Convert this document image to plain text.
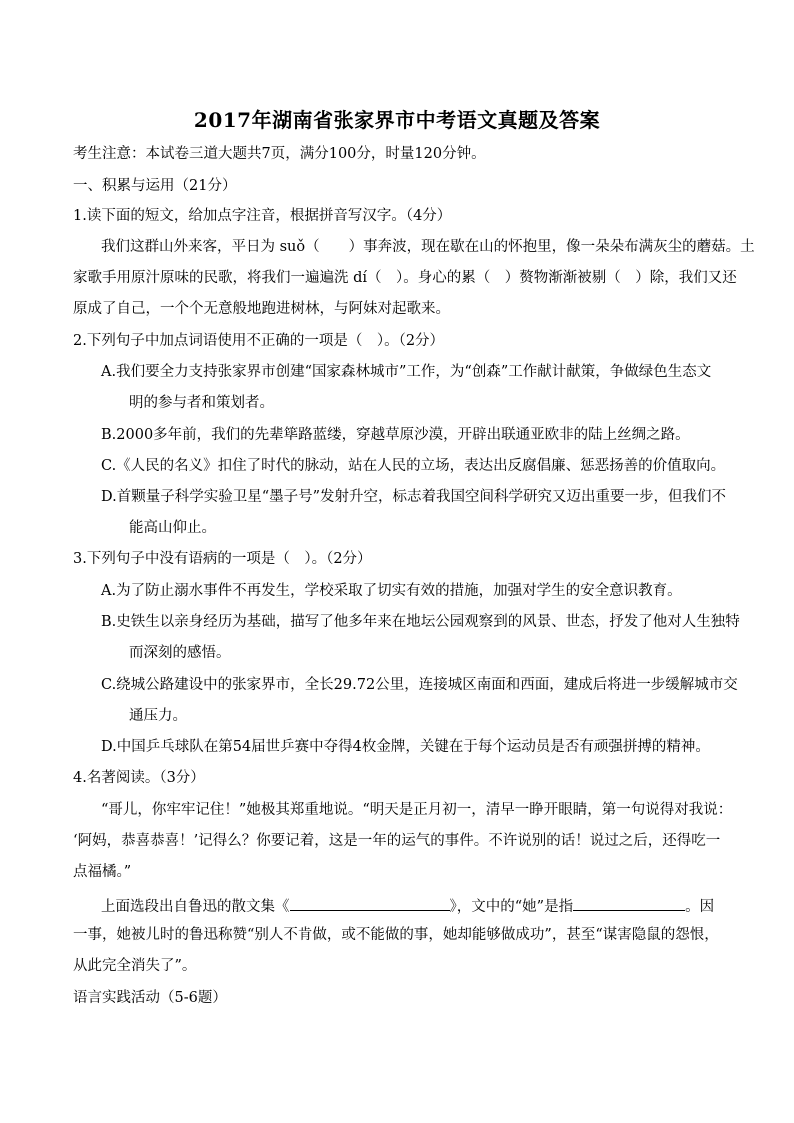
2017年湖南省张家界市中考语文真题及答案
考生注意：本试卷三道大题共7页，满分100分，时量120分钟。
一、积累与运用（21分）
1.读下面的短文，给加点字注音，根据拼音写汉字。（4分）
我们这群山外来客，平日为 suǒ（　　）事奔波，现在歇在山的怀抱里，像一朵朵布满灰尘的蘑菇。土
家歌手用原汁原味的民歌，将我们一遍遍洗 dí（　）。身心的累（　）赘物渐渐被剔（　）除，我们又还
原成了自己，一个个无意般地跑进树林，与阿妹对起歌来。
2.下列句子中加点词语使用不正确的一项是（　）。（2分）
A.我们要全力支持张家界市创建“国家森林城市”工作，为“创森”工作献计献策，争做绿色生态文
明的参与者和策划者。
B.2000多年前，我们的先辈筚路蓝缕，穿越草原沙漠，开辟出联通亚欧非的陆上丝绸之路。
C.《人民的名义》扣住了时代的脉动，站在人民的立场，表达出反腐倡廉、惩恶扬善的价值取向。
D.首颗量子科学实验卫星“墨子号”发射升空，标志着我国空间科学研究又迈出重要一步，但我们不
能高山仰止。
3.下列句子中没有语病的一项是（　）。（2分）
A.为了防止溺水事件不再发生，学校采取了切实有效的措施，加强对学生的安全意识教育。
B.史铁生以亲身经历为基础，描写了他多年来在地坛公园观察到的风景、世态，抒发了他对人生独特
而深刻的感悟。
C.绕城公路建设中的张家界市，全长29.72公里，连接城区南面和西面，建成后将进一步缓解城市交
通压力。
D.中国乒乓球队在第54届世乒赛中夺得4枚金牌，关键在于每个运动员是否有顽强拼搏的精神。
4.名著阅读。（3分）
“哥儿，你牢牢记住！”她极其郑重地说。“明天是正月初一，清早一睁开眼睛，第一句说得对我说：
‘阿妈，恭喜恭喜！’记得么？你要记着，这是一年的运气的事件。不许说别的话！说过之后，还得吃一
点福橘。”
上面选段出自鲁迅的散文集《	》，文中的“她”是指	。因
一事，她被儿时的鲁迅称赞“别人不肯做，或不能做的事，她却能够做成功”，甚至“谋害隐鼠的怨恨，
从此完全消失了”。
语言实践活动（5-6题）
